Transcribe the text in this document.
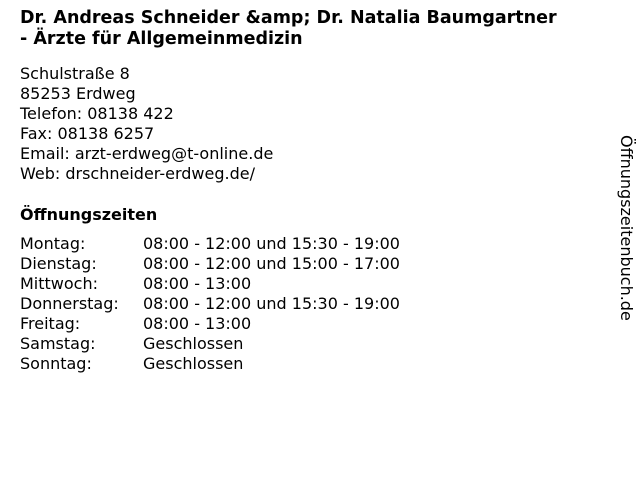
Dr. Andreas Schneider &amp; Dr. Natalia Baumgartner - Ärzte für Allgemeinmedizin
Schulstraße 8
85253 Erdweg
Telefon: 08138 422
Fax: 08138 6257
Email: arzt-erdweg@t-online.de
Web: drschneider-erdweg.de/
Öffnungszeiten
Montag:	08:00 - 12:00 und 15:30 - 19:00
Dienstag:	08:00 - 12:00 und 15:00 - 17:00
Mittwoch:	08:00 - 13:00
Donnerstag: 08:00 - 12:00 und 15:30 - 19:00
Freitag:	08:00 - 13:00
Samstag:	Geschlossen
Sonntag:	Geschlossen
Öffnungszeitenbuch.de
